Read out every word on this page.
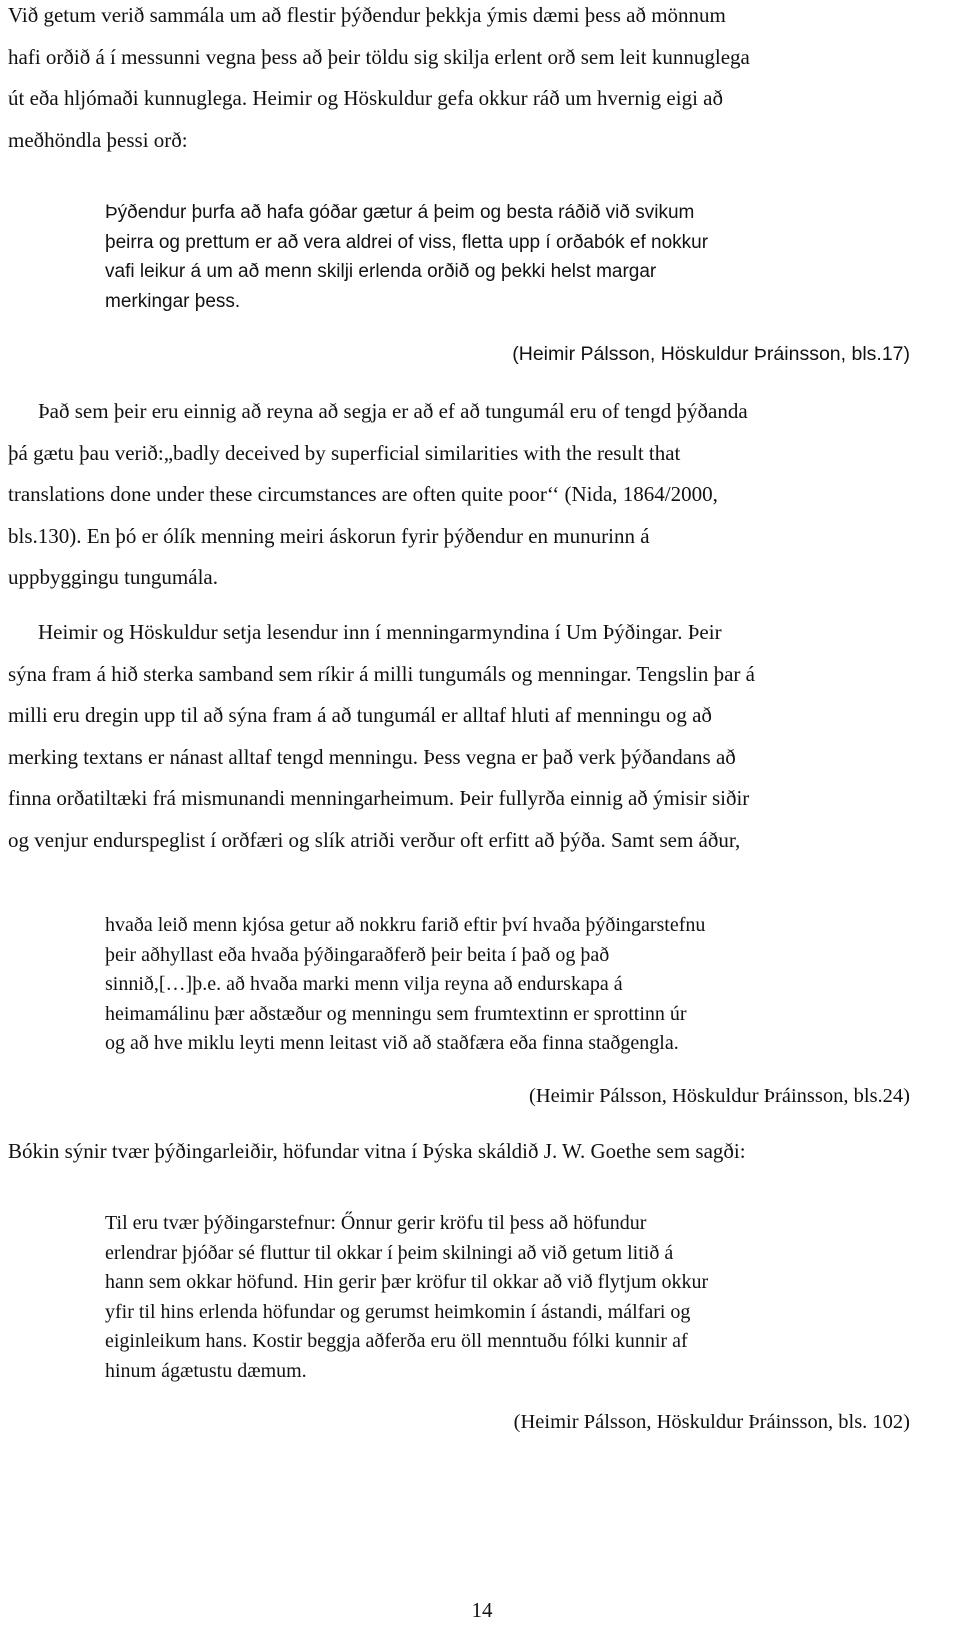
Við getum verið sammála um að flestir þýðendur þekkja ýmis dæmi þess að mönnum
hafi orðið á í messunni vegna þess að þeir töldu sig skilja erlent orð sem leit kunnuglega
út eða hljómaði kunnuglega. Heimir og Höskuldur gefa okkur ráð um hvernig eigi að
meðhöndla þessi orð:
Þýðendur þurfa að hafa góðar gætur á þeim og besta ráðið við svikum
þeirra og prettum er að vera aldrei of viss, fletta upp í orðabók ef nokkur
vafi leikur á um að menn skilji erlenda orðið og þekki helst margar
merkingar þess.
(Heimir Pálsson, Höskuldur Þráinsson, bls.17)
Það sem þeir eru einnig að reyna að segja er að ef að tungumál eru of tengd þýðanda
þá gætu þau verið:„badly deceived by superficial similarities with the result that
translations done under these circumstances are often quite poor‘‘ (Nida, 1864/2000,
bls.130). En þó er ólík menning meiri áskorun fyrir þýðendur en munurinn á
uppbyggingu tungumála.
Heimir og Höskuldur setja lesendur inn í menningarmyndina í Um Þýðingar. Þeir
sýna fram á hið sterka samband sem ríkir á milli tungumáls og menningar. Tengslin þar á
milli eru dregin upp til að sýna fram á að tungumál er alltaf hluti af menningu og að
merking textans er nánast alltaf tengd menningu. Þess vegna er það verk þýðandans að
finna orðatiltæki frá mismunandi menningarheimum. Þeir fullyrða einnig að ýmisir siðir
og venjur endurspeglist í orðfæri og slík atriði verður oft erfitt að þýða. Samt sem áður,
hvaða leið menn kjósa getur að nokkru farið eftir því hvaða þýðingarstefnu
þeir aðhyllast eða hvaða þýðingaraðferð þeir beita í það og það
sinnið,[…]þ.e. að hvaða marki menn vilja reyna að endurskapa á
heimamálinu þær aðstæður og menningu sem frumtextinn er sprottinn úr
og að hve miklu leyti menn leitast við að staðfæra eða finna staðgengla.
(Heimir Pálsson, Höskuldur Þráinsson, bls.24)
Bókin sýnir tvær þýðingarleiðir, höfundar vitna í Þýska skáldið J. W. Goethe sem sagði:
Til eru tvær þýðingarstefnur: Őnnur gerir kröfu til þess að höfundur
erlendrar þjóðar sé fluttur til okkar í þeim skilningi að við getum litið á
hann sem okkar höfund. Hin gerir þær kröfur til okkar að við flytjum okkur
yfir til hins erlenda höfundar og gerumst heimkomin í ástandi, málfari og
eiginleikum hans. Kostir beggja aðferða eru öll menntuðu fólki kunnir af
hinum ágætustu dæmum.
(Heimir Pálsson, Höskuldur Þráinsson, bls. 102)
14
